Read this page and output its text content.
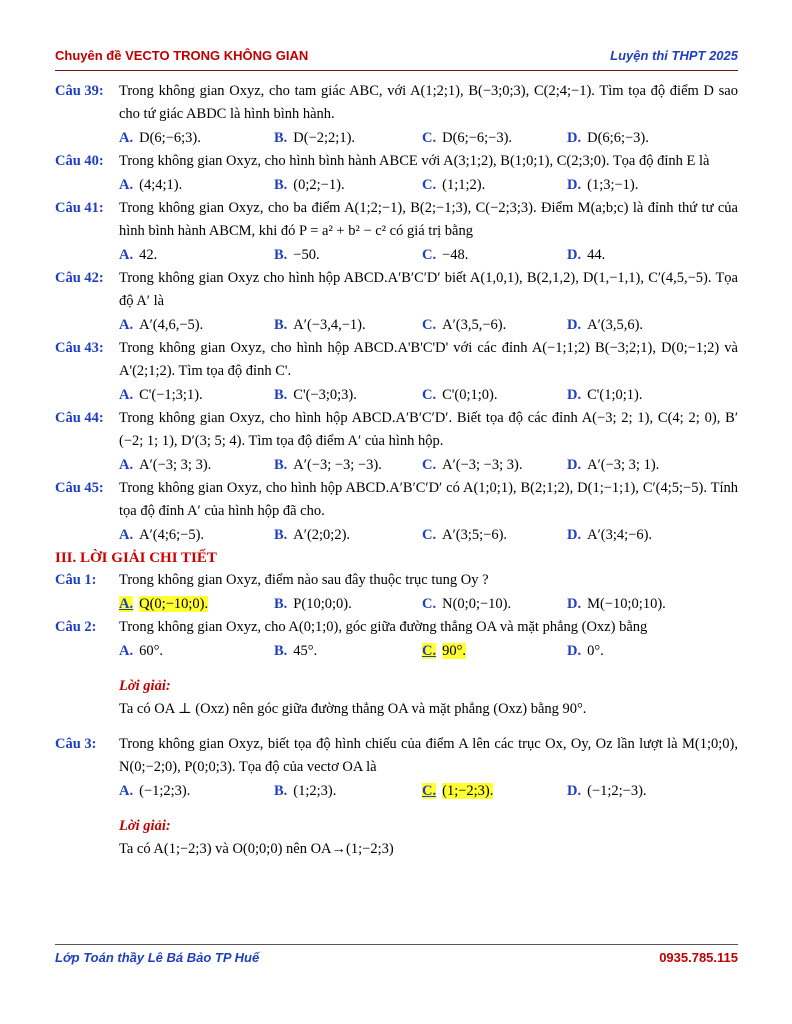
Chuyên đề VECTO TRONG KHÔNG GIAN	Luyện thi THPT 2025
Câu 39:	Trong không gian Oxyz, cho tam giác ABC, với A(1;2;1), B(−3;0;3), C(2;4;−1). Tìm tọa độ điểm D sao cho tứ giác ABDC là hình bình hành.
A. D(6;−6;3).	B. D(−2;2;1).	C. D(6;−6;−3).	D. D(6;6;−3).
Câu 40:	Trong không gian Oxyz, cho hình bình hành ABCE với A(3;1;2), B(1;0;1), C(2;3;0). Tọa độ đỉnh E là
A. (4;4;1).	B. (0;2;−1).	C. (1;1;2).	D. (1;3;−1).
Câu 41:	Trong không gian Oxyz, cho ba điểm A(1;2;−1), B(2;−1;3), C(−2;3;3). Điểm M(a;b;c) là đỉnh thứ tư của hình bình hành ABCM, khi đó P = a² + b² − c² có giá trị bằng
A. 42.	B. −50.	C. −48.	D. 44.
Câu 42:	Trong không gian Oxyz cho hình hộp ABCD.A′B′C′D′ biết A(1,0,1), B(2,1,2), D(1,−1,1), C′(4,5,−5). Tọa độ A′ là
A. A′(4,6,−5).	B. A′(−3,4,−1).	C. A′(3,5,−6).	D. A′(3,5,6).
Câu 43:	Trong không gian Oxyz, cho hình hộp ABCD.A'B'C'D' với các đỉnh A(−1;1;2) B(−3;2;1), D(0;−1;2) và A'(2;1;2). Tìm tọa độ đỉnh C'.
A. C'(−1;3;1).	B. C'(−3;0;3).	C. C'(0;1;0).	D. C'(1;0;1).
Câu 44:	Trong không gian Oxyz, cho hình hộp ABCD.A′B′C′D′. Biết tọa độ các đỉnh A(−3; 2; 1), C(4; 2; 0), B′(−2; 1; 1), D′(3; 5; 4). Tìm tọa độ điểm A′ của hình hộp.
A. A′(−3; 3; 3).	B. A′(−3; −3; −3).	C. A′(−3; −3; 3).	D. A′(−3; 3; 1).
Câu 45:	Trong không gian Oxyz, cho hình hộp ABCD.A′B′C′D′ có A(1;0;1), B(2;1;2), D(1;−1;1), C′(4;5;−5). Tính tọa độ đỉnh A′ của hình hộp đã cho.
A. A′(4;6;−5).	B. A′(2;0;2).	C. A′(3;5;−6).	D. A′(3;4;−6).
III. LỜI GIẢI CHI TIẾT
Câu 1:	Trong không gian Oxyz, điểm nào sau đây thuộc trục tung Oy ?
A. Q(0;−10;0).	B. P(10;0;0).	C. N(0;0;−10).	D. M(−10;0;10).
Câu 2:	Trong không gian Oxyz, cho A(0;1;0), góc giữa đường thẳng OA và mặt phẳng (Oxz) bằng
A. 60°.	B. 45°.	C. 90°.	D. 0°.
Lời giải:
Ta có OA ⊥ (Oxz) nên góc giữa đường thẳng OA và mặt phẳng (Oxz) bằng 90°.
Câu 3:	Trong không gian Oxyz, biết tọa độ hình chiếu của điểm A lên các trục Ox, Oy, Oz lần lượt là M(1;0;0), N(0;−2;0), P(0;0;3). Tọa độ của vectơ OA là
A. (−1;2;3).	B. (1;2;3).	C. (1;−2;3).	D. (−1;2;−3).
Lời giải:
Ta có A(1;−2;3) và O(0;0;0) nên OA→(1;−2;3)
Lớp Toán thầy Lê Bá Bảo TP Huế	0935.785.115
